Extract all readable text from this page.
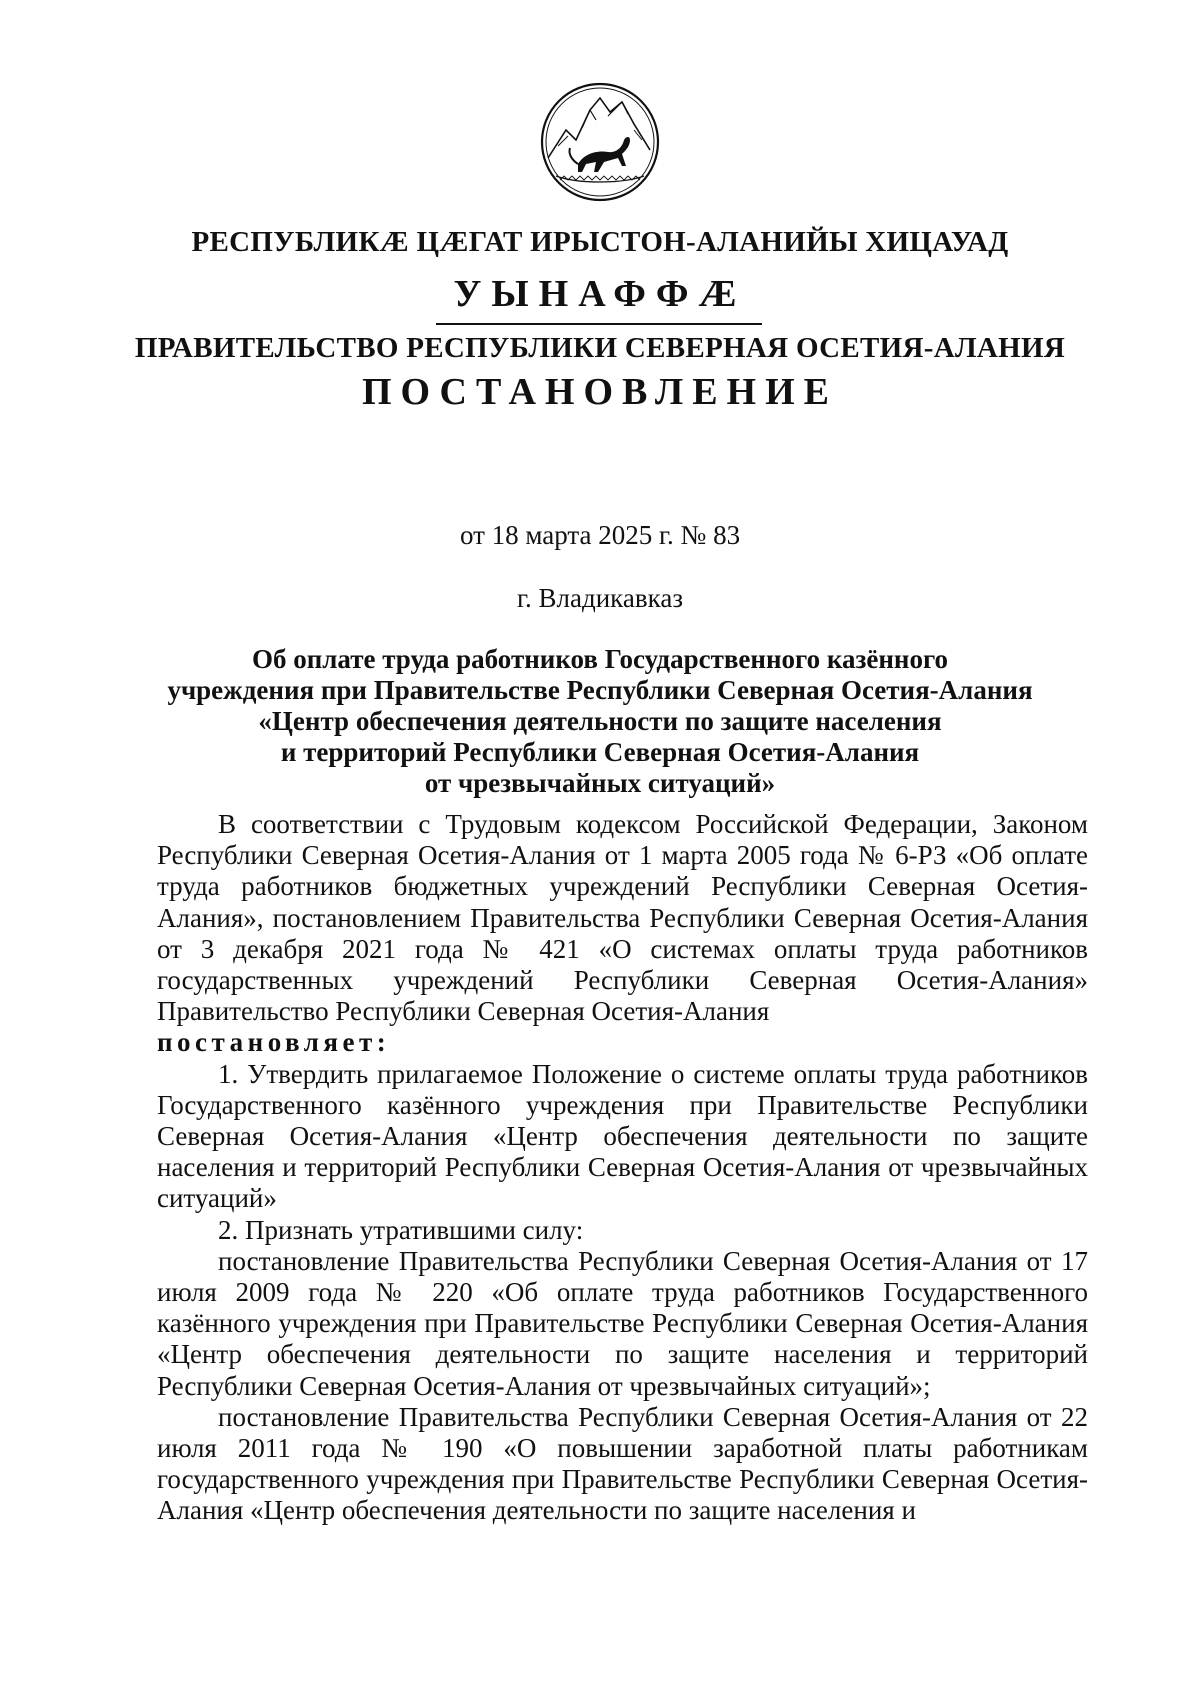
РЕСПУБЛИКӔ ЦӔГАТ ИРЫСТОН-АЛАНИЙЫ ХИЦАУАД
УЫНАФФӔ
ПРАВИТЕЛЬСТВО РЕСПУБЛИКИ СЕВЕРНАЯ ОСЕТИЯ-АЛАНИЯ
ПОСТАНОВЛЕНИЕ
от 18 марта 2025 г. № 83
г. Владикавказ
Об оплате труда работников Государственного казённого
учреждения при Правительстве Республики Северная Осетия-Алания
«Центр обеспечения деятельности по защите населения
и территорий Республики Северная Осетия-Алания
от чрезвычайных ситуаций»

В соответствии с Трудовым кодексом Российской Федерации, Законом Республики Северная Осетия-Алания от 1 марта 2005 года № 6-РЗ «Об оплате труда работников бюджетных учреждений Республики Северная Осетия-Алания», постановлением Правительства Республики Северная Осетия-Алания от 3 декабря 2021 года № 421 «О системах оплаты труда работников государственных учреждений Республики Северная Осетия-Алания» Правительство Республики Северная Осетия-Алания

постановляет:

1. Утвердить прилагаемое Положение о системе оплаты труда работников Государственного казённого учреждения при Правительстве Республики Северная Осетия-Алания «Центр обеспечения деятельности по защите населения и территорий Республики Северная Осетия-Алания от чрезвычайных ситуаций»

2. Признать утратившими силу:

постановление Правительства Республики Северная Осетия-Алания от 17 июля 2009 года № 220 «Об оплате труда работников Государственного казённого учреждения при Правительстве Республики Северная Осетия-Алания «Центр обеспечения деятельности по защите населения и территорий Республики Северная Осетия-Алания от чрезвычайных ситуаций»;

постановление Правительства Республики Северная Осетия-Алания от 22 июля 2011 года № 190 «О повышении заработной платы работникам государственного учреждения при Правительстве Республики Северная Осетия-Алания «Центр обеспечения деятельности по защите населения и
